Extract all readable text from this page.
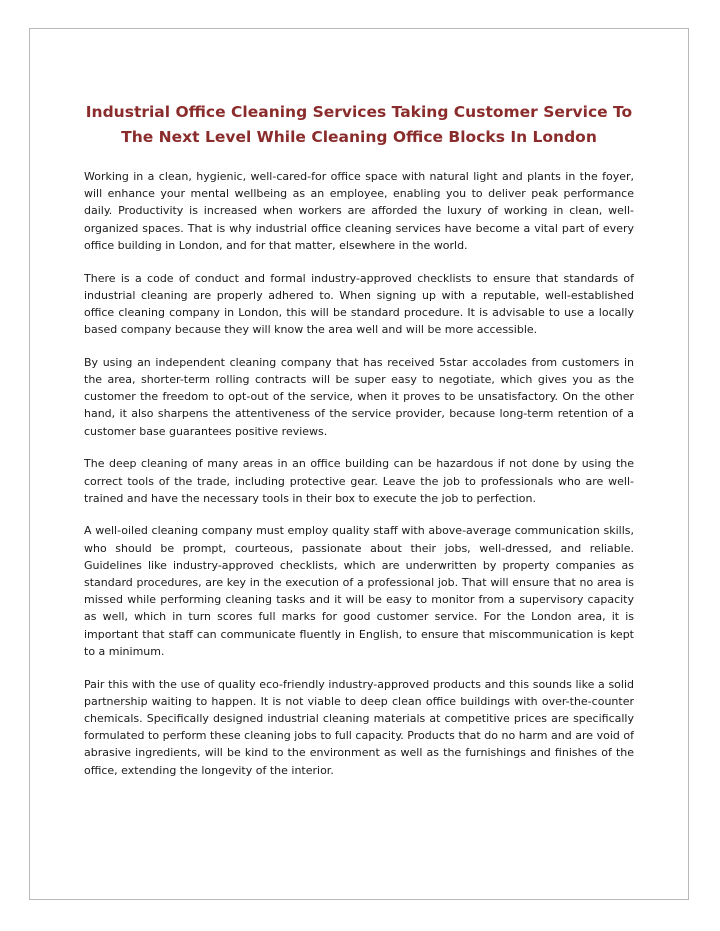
Industrial Office Cleaning Services Taking Customer Service To The Next Level While Cleaning Office Blocks In London

Working in a clean, hygienic, well-cared-for office space with natural light and plants in the foyer, will enhance your mental wellbeing as an employee, enabling you to deliver peak performance daily. Productivity is increased when workers are afforded the luxury of working in clean, well-organized spaces. That is why industrial office cleaning services have become a vital part of every office building in London, and for that matter, elsewhere in the world.

There is a code of conduct and formal industry-approved checklists to ensure that standards of industrial cleaning are properly adhered to. When signing up with a reputable, well-established office cleaning company in London, this will be standard procedure. It is advisable to use a locally based company because they will know the area well and will be more accessible.

By using an independent cleaning company that has received 5star accolades from customers in the area, shorter-term rolling contracts will be super easy to negotiate, which gives you as the customer the freedom to opt-out of the service, when it proves to be unsatisfactory. On the other hand, it also sharpens the attentiveness of the service provider, because long-term retention of a customer base guarantees positive reviews.

The deep cleaning of many areas in an office building can be hazardous if not done by using the correct tools of the trade, including protective gear. Leave the job to professionals who are well-trained and have the necessary tools in their box to execute the job to perfection.

A well-oiled cleaning company must employ quality staff with above-average communication skills, who should be prompt, courteous, passionate about their jobs, well-dressed, and reliable. Guidelines like industry-approved checklists, which are underwritten by property companies as standard procedures, are key in the execution of a professional job. That will ensure that no area is missed while performing cleaning tasks and it will be easy to monitor from a supervisory capacity as well, which in turn scores full marks for good customer service. For the London area, it is important that staff can communicate fluently in English, to ensure that miscommunication is kept to a minimum.

Pair this with the use of quality eco-friendly industry-approved products and this sounds like a solid partnership waiting to happen. It is not viable to deep clean office buildings with over-the-counter chemicals. Specifically designed industrial cleaning materials at competitive prices are specifically formulated to perform these cleaning jobs to full capacity. Products that do no harm and are void of abrasive ingredients, will be kind to the environment as well as the furnishings and finishes of the office, extending the longevity of the interior.
